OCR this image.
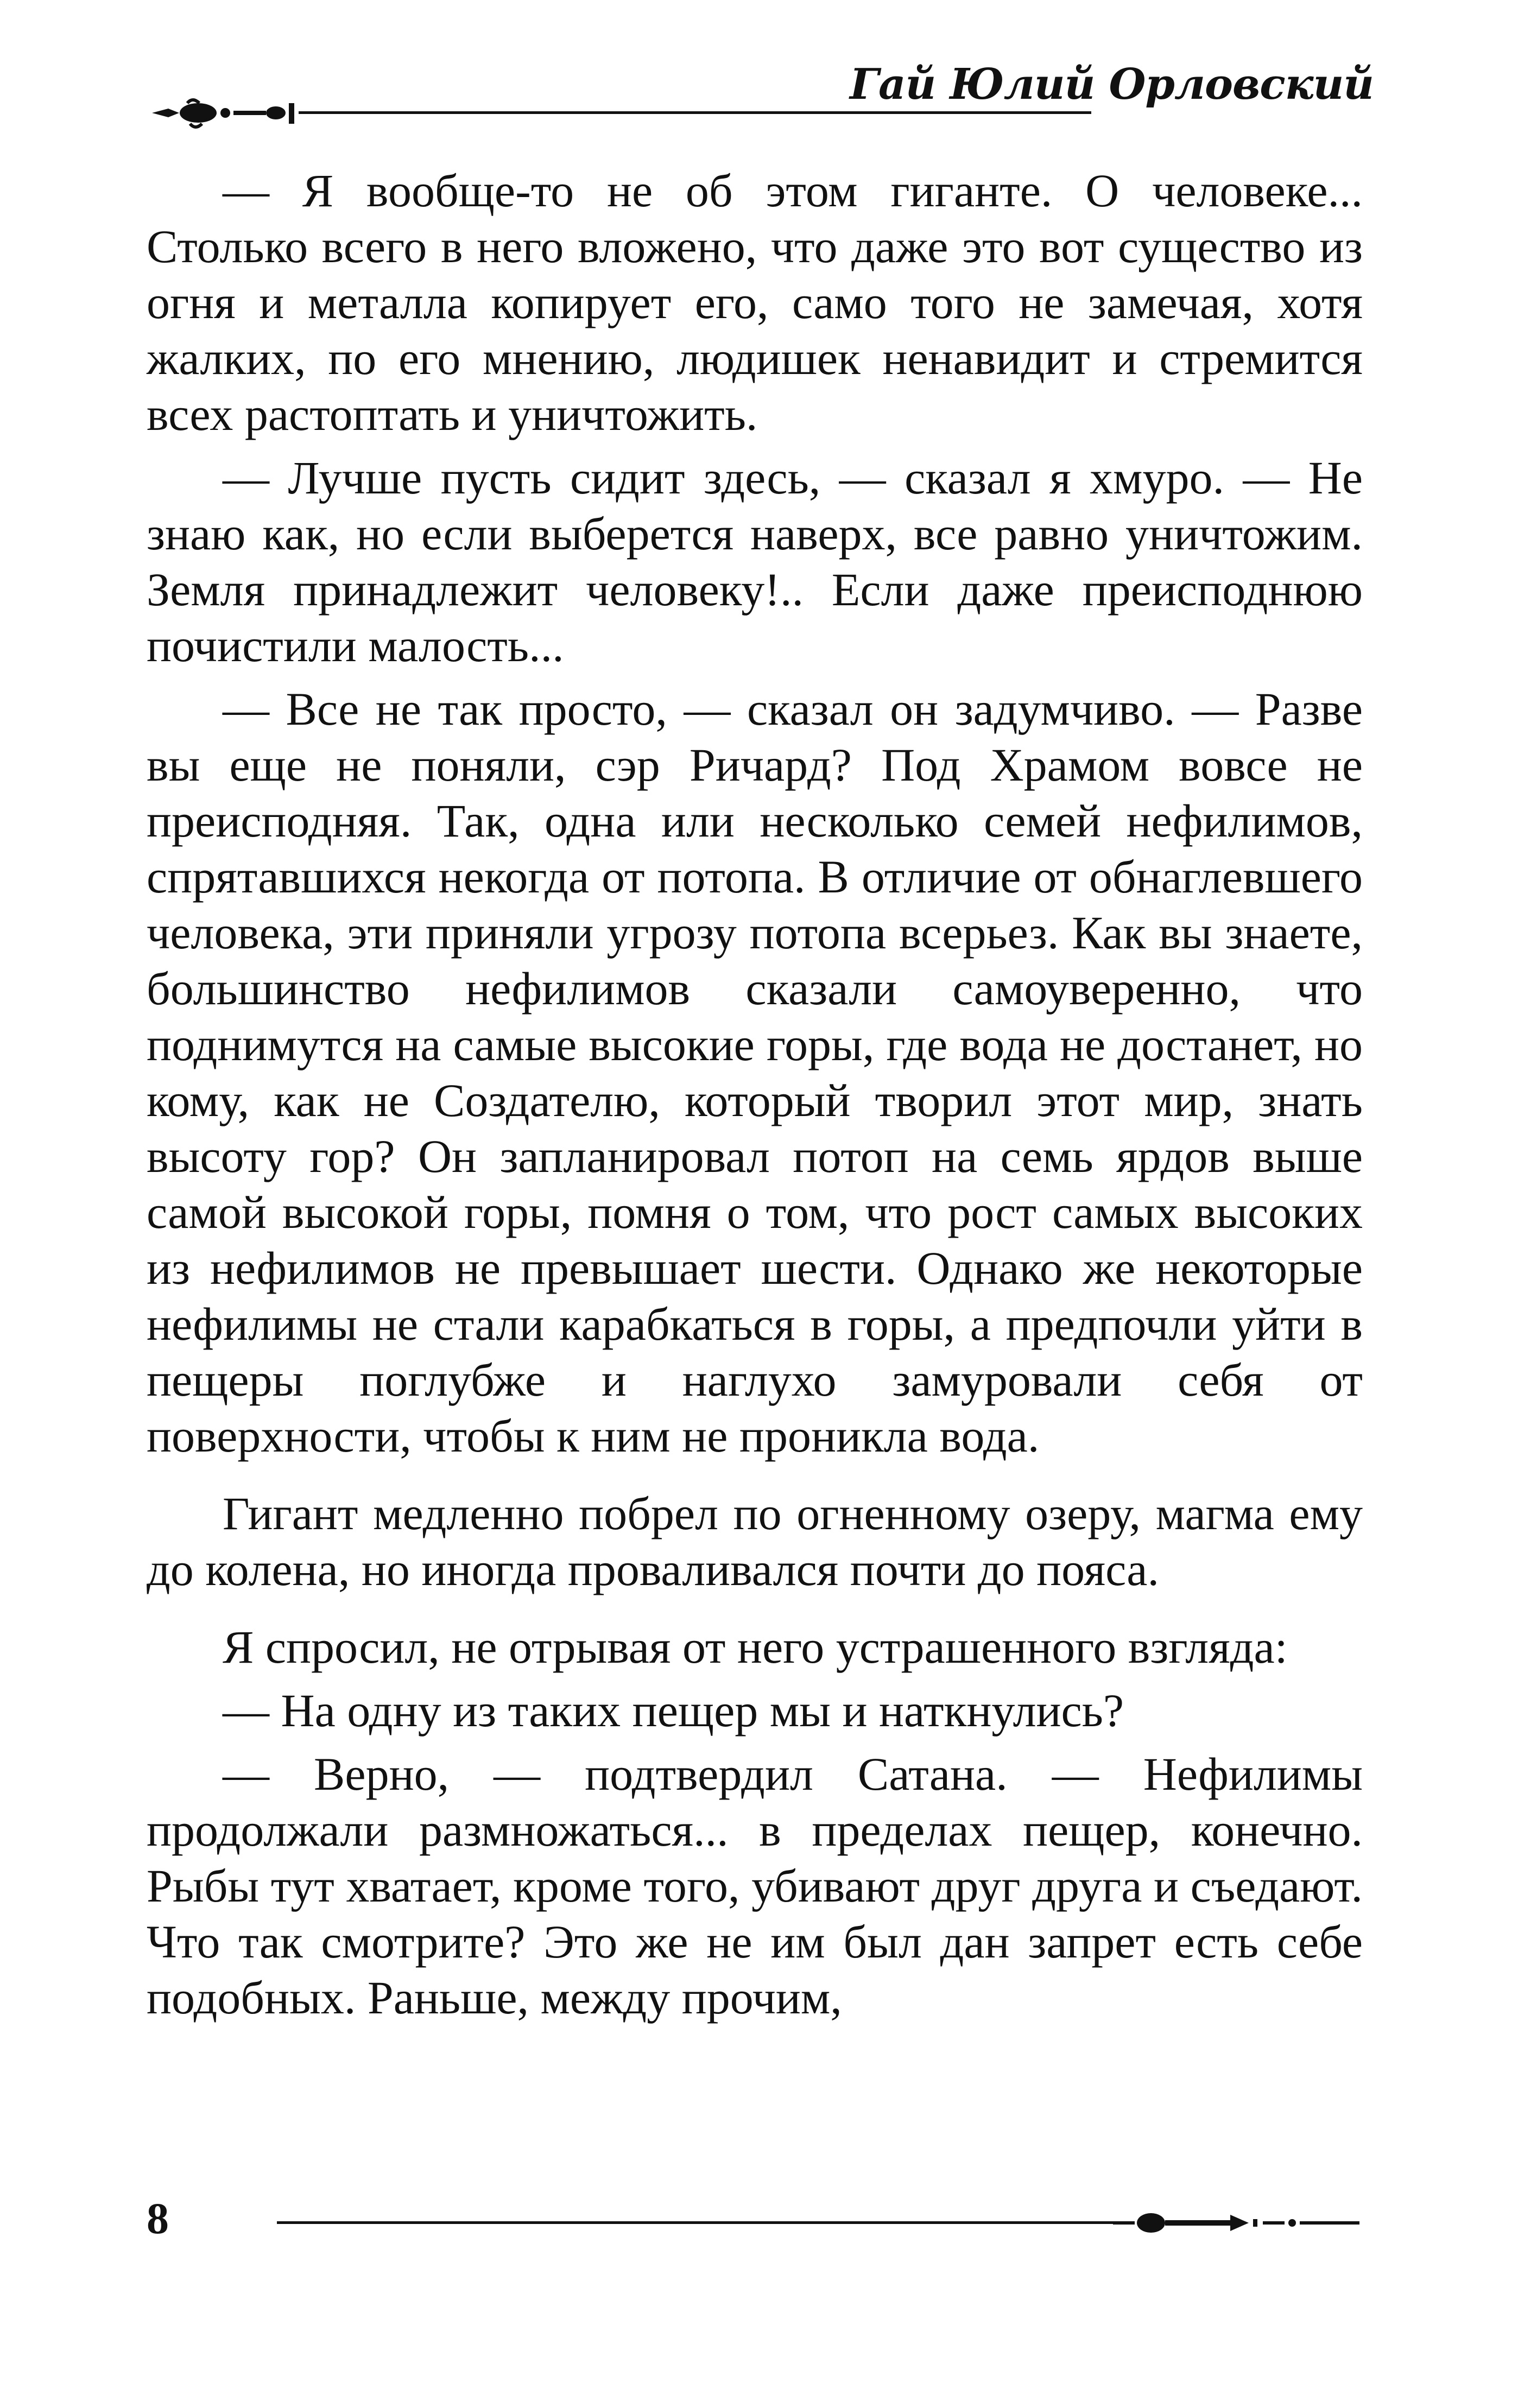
Гай Юлий Орловский

— Я вообще-то не об этом гиганте. О человеке... Столько всего в него вложено, что даже это вот существо из огня и металла копирует его, само того не замечая, хотя жалких, по его мнению, людишек ненавидит и стремится всех растоптать и уничтожить.

— Лучше пусть сидит здесь, — сказал я хмуро. — Не знаю как, но если выберется наверх, все равно уничтожим. Земля принадлежит человеку!.. Если даже преисподнюю почистили малость...

— Все не так просто, — сказал он задумчиво. — Разве вы еще не поняли, сэр Ричард? Под Храмом вовсе не преисподняя. Так, одна или несколько семей нефилимов, спрятавшихся некогда от потопа. В отличие от обнаглевшего человека, эти приняли угрозу потопа всерьез. Как вы знаете, большинство нефилимов сказали самоуверенно, что поднимутся на самые высокие горы, где вода не достанет, но кому, как не Создателю, который творил этот мир, знать высоту гор? Он запланировал потоп на семь ярдов выше самой высокой горы, помня о том, что рост самых высоких из нефилимов не превышает шести. Однако же некоторые нефилимы не стали карабкаться в горы, а предпочли уйти в пещеры поглубже и наглухо замуровали себя от поверхности, чтобы к ним не проникла вода.

Гигант медленно побрел по огненному озеру, магма ему до колена, но иногда проваливался почти до пояса.

Я спросил, не отрывая от него устрашенного взгляда:

— На одну из таких пещер мы и наткнулись?

— Верно, — подтвердил Сатана. — Нефилимы продолжали размножаться... в пределах пещер, конечно. Рыбы тут хватает, кроме того, убивают друг друга и съедают. Что так смотрите? Это же не им был дан запрет есть себе подобных. Раньше, между прочим,

8
